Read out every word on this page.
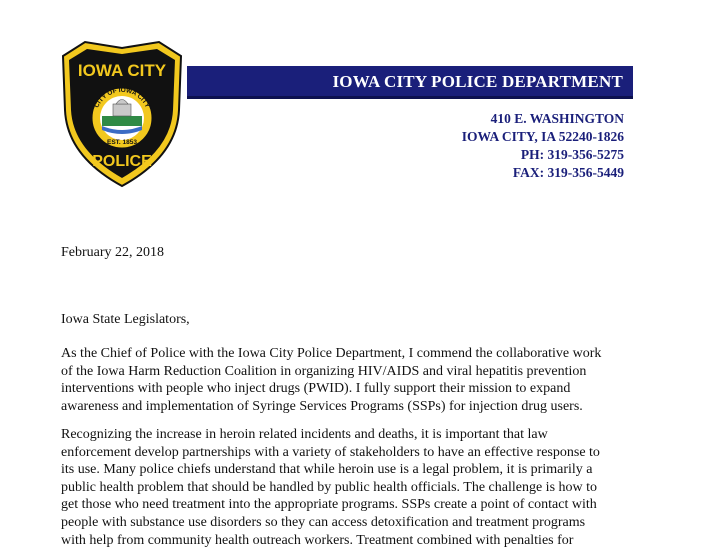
IOWA CITY
CITY OF IOWA CITY
EST. 1853
POLICE
IOWA CITY POLICE DEPARTMENT
410 E. WASHINGTON
IOWA CITY, IA 52240-1826
PH: 319-356-5275
FAX: 319-356-5449
February 22, 2018
Iowa State Legislators,
As the Chief of Police with the Iowa City Police Department, I commend the collaborative work
of the Iowa Harm Reduction Coalition in organizing HIV/AIDS and viral hepatitis prevention
interventions with people who inject drugs (PWID). I fully support their mission to expand
awareness and implementation of Syringe Services Programs (SSPs) for injection drug users.
Recognizing the increase in heroin related incidents and deaths, it is important that law
enforcement develop partnerships with a variety of stakeholders to have an effective response to
its use. Many police chiefs understand that while heroin use is a legal problem, it is primarily a
public health problem that should be handled by public health officials. The challenge is how to
get those who need treatment into the appropriate programs. SSPs create a point of contact with
people with substance use disorders so they can access detoxification and treatment programs
with help from community health outreach workers. Treatment combined with penalties for
